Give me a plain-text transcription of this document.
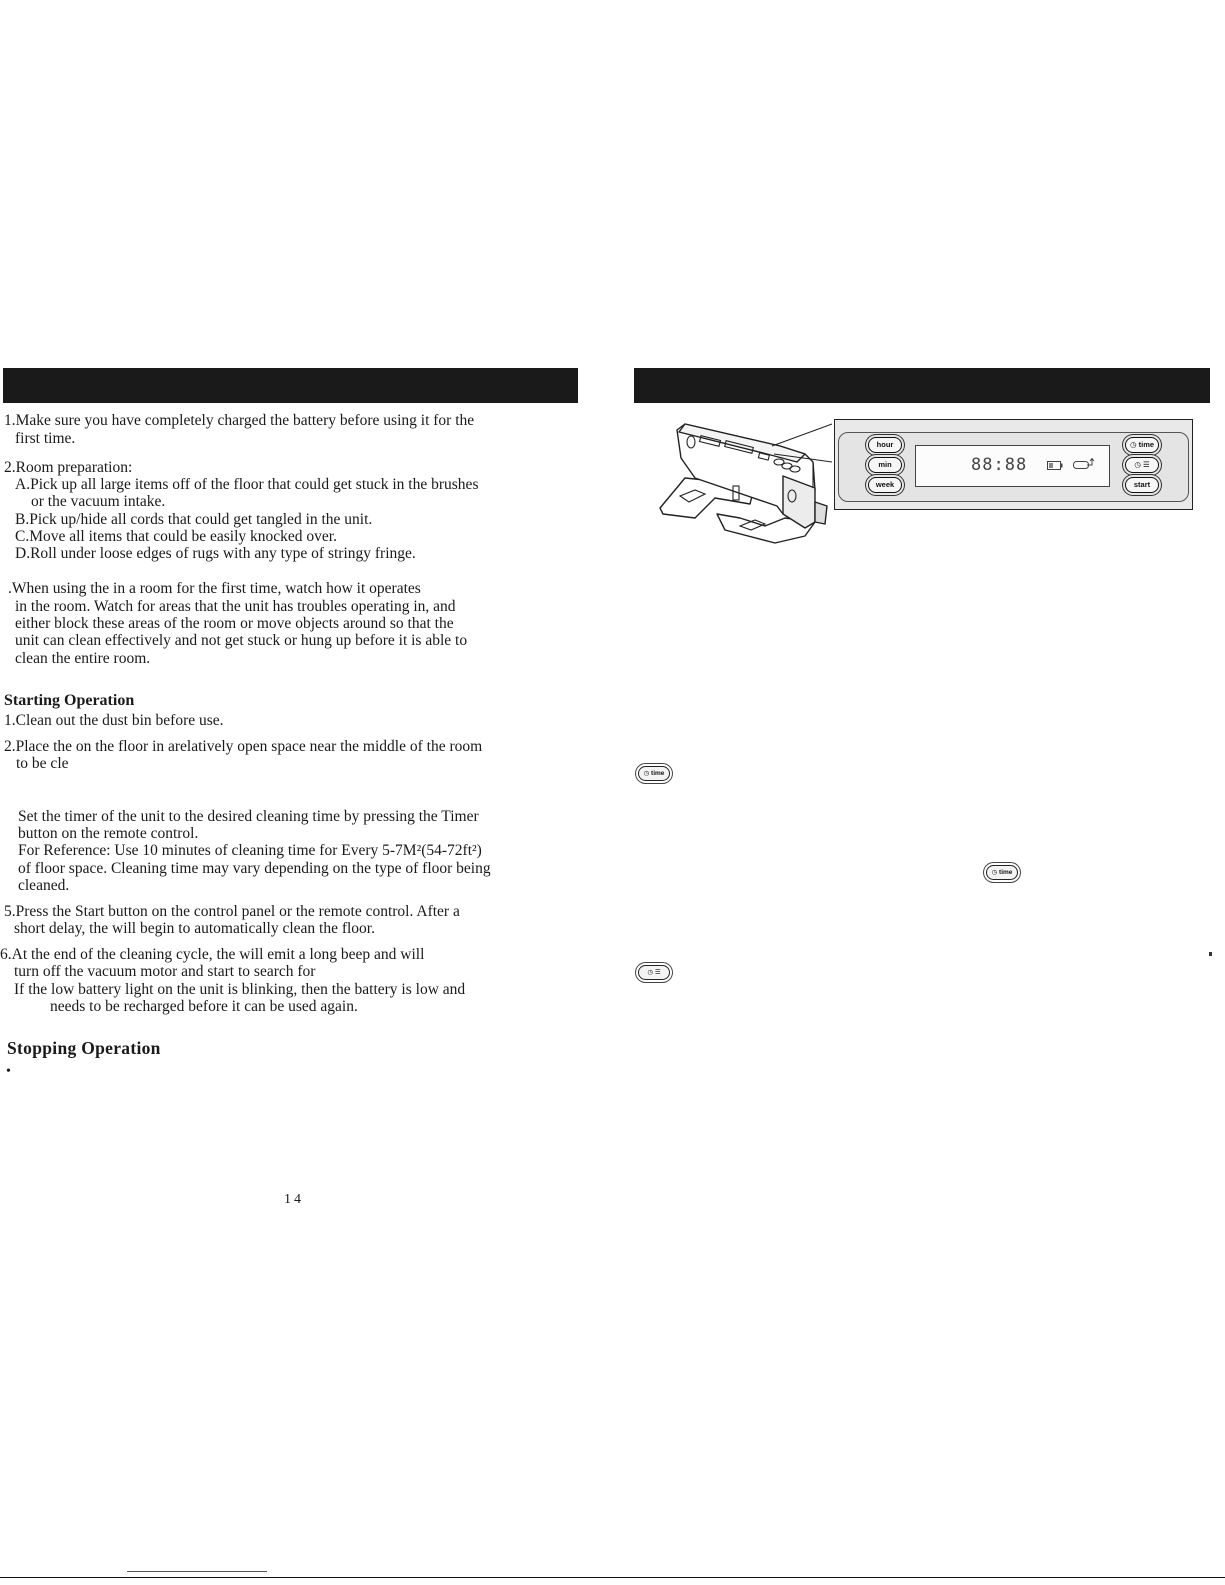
1.Make sure you have completely charged the battery before using it for the
first time.
2.Room preparation:
A.Pick up all large items off of the floor that could get stuck in the brushes
or the vacuum intake.
B.Pick up/hide all cords that could get tangled in the unit.
C.Move all items that could be easily knocked over.
D.Roll under loose edges of rugs with any type of stringy fringe.
.When using the in a room for the first time, watch how it operates
in the room. Watch for areas that the unit has troubles operating in, and
either block these areas of the room or move objects around so that the
unit can clean effectively and not get stuck or hung up before it is able to
clean the entire room.
Starting Operation
1.Clean out the dust bin before use.
2.Place the on the floor in arelatively open space near the middle of the room
to be cle
Set the timer of the unit to the desired cleaning time by pressing the Timer
button on the remote control.
For Reference: Use 10 minutes of cleaning time for Every 5-7M²(54-72ft²)
of floor space. Cleaning time may vary depending on the type of floor being
cleaned.
5.Press the Start button on the control panel or the remote control. After a
short delay, the will begin to automatically clean the floor.
6.At the end of the cleaning cycle, the will emit a long beep and will
turn off the vacuum motor and start to search for
If the low battery light on the unit is blinking, then the battery is low and
needs to be recharged before it can be used again.
Stopping Operation
•
14
hour
min
week
88:88
◷ time
◷ ☰
start
◷ time
◷ time
◷ ☰
